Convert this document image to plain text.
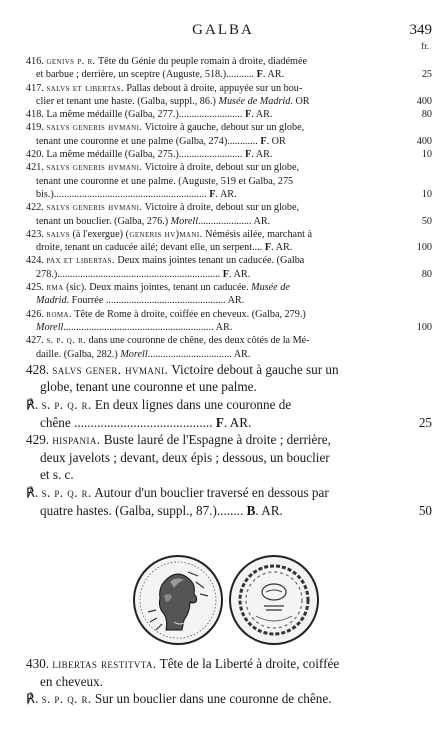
GALBA	349
fr.
416. genivs p. r. Tête du Génie du peuple romain à droite, diadémée
et barbue ; derrière, un sceptre (Auguste, 518.)........... F. AR.	25
417. salvs et libertas. Pallas debout à droite, appuyée sur un bou-
clier et tenant une haste. (Galba, suppl., 86.) Musée de Madrid. OR	400
418. La même médaille (Galba, 277.)......................... F. AR.	80
419. salvs generis hvmani. Victoire à gauche, debout sur un globe,
tenant une couronne et une palme (Galba, 274)............ F. OR	400
420. La même médaille (Galba, 275.)......................... F. AR.	10
421. salvs generis hvmani. Victoire à droite, debout sur un globe,
tenant une couronne et une palme. (Auguste, 519 et Galba, 275
bis.)............................................................ F. AR.	10
422. salvs generis hvmani. Victoire à droite, debout sur un globe,
tenant un bouclier. (Galba, 276.) Morell..................... AR.	50
423. salvs (à l'exergue) (generis hv)mani. Némésis ailée, marchant à
droite, tenant un caducée ailé; devant elle, un serpent.... F. AR.	100
424. pax et libertas. Deux mains jointes tenant un caducée. (Galba
278.)................................................................ F. AR.	80
425. rma (sic). Deux mains jointes, tenant un caducée. Musée de
Madrid. Fourrée ............................................... AR.
426. roma. Tête de Rome à droite, coiffée en cheveux. (Galba, 279.)
Morell........................................................... AR.	100
427. s. p. q. r. dans une couronne de chêne, des deux côtés de la Mé-
daille. (Galba, 282.) Morell................................. AR.
428. salvs gener. hvmani. Victoire debout à gauche sur un
globe, tenant une couronne et une palme.
℟. s. p. q. r. En deux lignes dans une couronne de
chêne .......................................... F. AR.	25
429. hispania. Buste lauré de l'Espagne à droite ; derrière,
deux javelots ; devant, deux épis ; dessous, un bouclier
et s. c.
℟. s. p. q. r. Autour d'un bouclier traversé en dessous par
quatre hastes. (Galba, suppl., 87.)........ B. AR.	50
430. libertas restitvta. Tête de la Liberté à droite, coiffée
en cheveux.
℟. s. p. q. r. Sur un bouclier dans une couronne de chêne.
